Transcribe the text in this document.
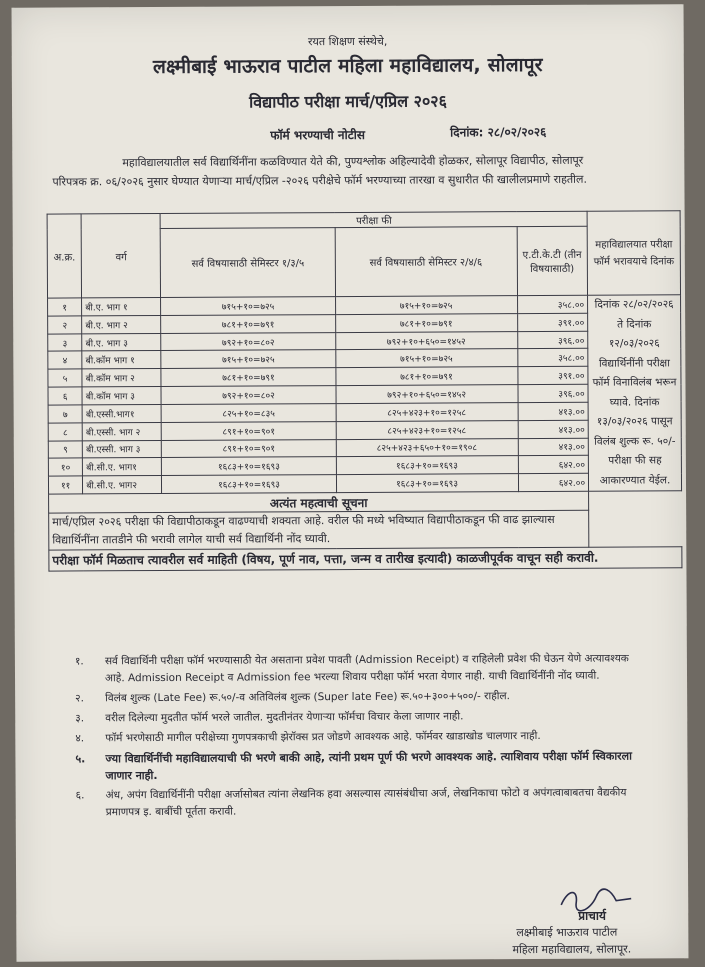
रयत शिक्षण संस्थेचे,
लक्ष्मीबाई भाऊराव पाटील महिला महाविद्यालय, सोलापूर
विद्यापीठ परीक्षा मार्च/एप्रिल २०२६
फॉर्म भरण्याची नोटीस	दिनांक: २८/०२/२०२६
महाविद्यालयातील सर्व विद्यार्थिनींना कळविण्यात येते की, पुण्यश्लोक अहिल्यादेवी होळकर, सोलापूर विद्यापीठ, सोलापूर परिपत्रक क्र. ०६/२०२६ नुसार घेण्यात येणाऱ्या मार्च/एप्रिल -२०२६ परीक्षेचे फॉर्म भरण्याच्या तारखा व सुधारीत फी खालीलप्रमाणे राहतील.
अ.क्र.	वर्ग	परीक्षा फी			महाविद्यालयात परीक्षा फॉर्म भरावयाचे दिनांक
		सर्व विषयासाठी सेमिस्टर १/३/५	सर्व विषयासाठी सेमिस्टर २/४/६	ए.टी.के.टी (तीन विषयासाठी)	
१	बी.ए. भाग १	७१५+१०=७२५	७१५+१०=७२५	३५८.००	दिनांक २८/०२/२०२६ ते दिनांक १२/०३/२०२६ विद्यार्थिनींनी परीक्षा फॉर्म विनाविलंब भरून घ्यावे. दिनांक १३/०३/२०२६ पासून विलंब शुल्क रू. ५०/- परीक्षा फी सह आकारण्यात येईल.
२	बी.ए. भाग २	७८१+१०=७९१	७८१+१०=७९१	३९१.००	
३	बी.ए. भाग ३	७९२+१०=८०२	७९२+१०+६५०=१४५२	३९६.००	
४	बी.कॉम भाग १	७१५+१०=७२५	७१५+१०=७२५	३५८.००	
५	बी.कॉम भाग २	७८१+१०=७९१	७८१+१०=७९१	३९१.००	
६	बी.कॉम भाग ३	७९२+१०=८०२	७९२+१०+६५०=१४५२	३९६.००	
७	बी.एस्सी.भाग१	८२५+१०=८३५	८२५+४२३+१०=१२५८	४१३.००	
८	बी.एस्सी. भाग २	८९१+१०=९०१	८२५+४२३+१०=१२५८	४१३.००	
९	बी.एस्सी. भाग ३	८९१+१०=९०१	८२५+४२३+६५०+१०=१९०८	४१३.००	
१०	बी.सी.ए. भाग१	१६८३+१०=१६९३	१६८३+१०=१६९३	६४२.००	
११	बी.सी.ए. भाग२	१६८३+१०=१६९३	१६८३+१०=१६९३	६४२.००	
अत्यंत महत्वाची सूचना					
मार्च/एप्रिल २०२६ परीक्षा फी विद्यापीठाकडून वाढण्याची शक्यता आहे. वरील फी मध्ये भविष्यात विद्यापीठाकडून फी वाढ झाल्यास विद्यार्थिनींना तातडीने फी भरावी लागेल याची सर्व विद्यार्थिनी नोंद घ्यावी.					
परीक्षा फॉर्म मिळताच त्यावरील सर्व माहिती (विषय, पूर्ण नाव, पत्ता, जन्म व तारीख इत्यादी) काळजीपूर्वक वाचून सही करावी.					
१. सर्व विद्यार्थिनी परीक्षा फॉर्म भरण्यासाठी येत असताना प्रवेश पावती (Admission Receipt) व राहिलेली प्रवेश फी घेऊन येणे अत्यावश्यक आहे. Admission Receipt व Admission fee भरल्या शिवाय परीक्षा फॉर्म भरता येणार नाही. याची विद्यार्थिनींनी नोंद घ्यावी.
२. विलंब शुल्क (Late Fee) रू.५०/-व अतिविलंब शुल्क (Super late Fee) रू.५०+३००+५००/- राहील.
३. वरील दिलेल्या मुदतीत फॉर्म भरले जातील. मुदतीनंतर येणाऱ्या फॉर्मचा विचार केला जाणार नाही.
४. फॉर्म भरणेसाठी मागील परीक्षेच्या गुणपत्रकाची झेरॉक्स प्रत जोडणे आवश्यक आहे. फॉर्मवर खाडाखोड चालणार नाही.
५. ज्या विद्यार्थिनींची महाविद्यालयाची फी भरणे बाकी आहे, त्यांनी प्रथम पूर्ण फी भरणे आवश्यक आहे. त्याशिवाय परीक्षा फॉर्म स्विकारला जाणार नाही.
६. अंध, अपंग विद्यार्थिनींनी परीक्षा अर्जासोबत त्यांना लेखनिक हवा असल्यास त्यासंबंधीचा अर्ज, लेखनिकाचा फोटो व अपंगत्वाबाबतचा वैद्यकीय प्रमाणपत्र इ. बाबींची पूर्तता करावी.
प्राचार्य
लक्ष्मीबाई भाऊराव पाटील
महिला महाविद्यालय, सोलापूर.
